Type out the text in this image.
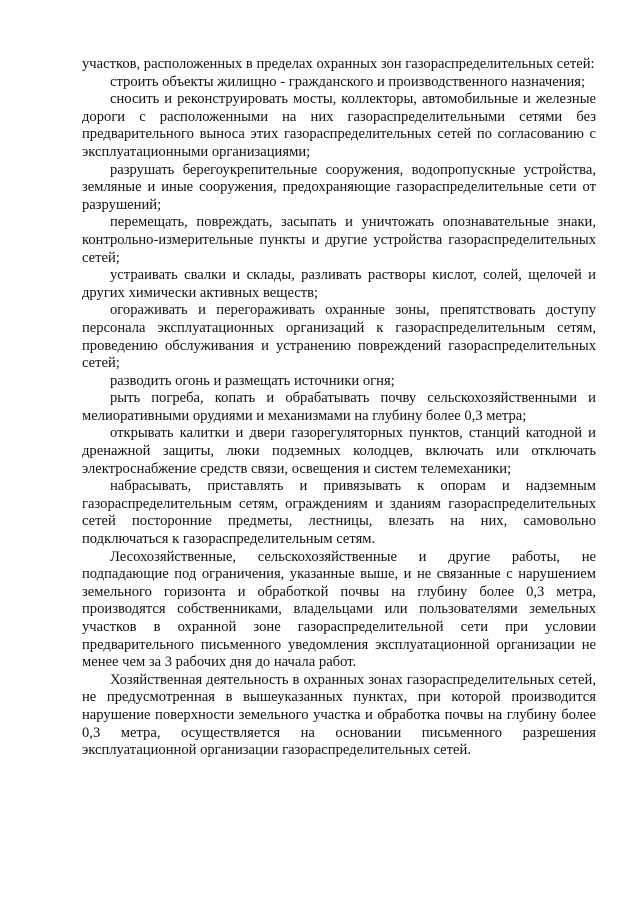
участков, расположенных в пределах охранных зон газораспределительных сетей:

строить объекты жилищно - гражданского и производственного назначения;

сносить и реконструировать мосты, коллекторы, автомобильные и железные дороги с расположенными на них газораспределительными сетями без предварительного выноса этих газораспределительных сетей по согласованию с эксплуатационными организациями;

разрушать берегоукрепительные сооружения, водопропускные устройства, земляные и иные сооружения, предохраняющие газораспределительные сети от разрушений;

перемещать, повреждать, засыпать и уничтожать опознавательные знаки, контрольно-измерительные пункты и другие устройства газораспределительных сетей;

устраивать свалки и склады, разливать растворы кислот, солей, щелочей и других химически активных веществ;

огораживать и перегораживать охранные зоны, препятствовать доступу персонала эксплуатационных организаций к газораспределительным сетям, проведению обслуживания и устранению повреждений газораспределительных сетей;

разводить огонь и размещать источники огня;

рыть погреба, копать и обрабатывать почву сельскохозяйственными и мелиоративными орудиями и механизмами на глубину более 0,3 метра;

открывать калитки и двери газорегуляторных пунктов, станций катодной и дренажной защиты, люки подземных колодцев, включать или отключать электроснабжение средств связи, освещения и систем телемеханики;

набрасывать, приставлять и привязывать к опорам и надземным газораспределительным сетям, ограждениям и зданиям газораспределительных сетей посторонние предметы, лестницы, влезать на них, самовольно подключаться к газораспределительным сетям.

Лесохозяйственные, сельскохозяйственные и другие работы, не подпадающие под ограничения, указанные выше, и не связанные с нарушением земельного горизонта и обработкой почвы на глубину более 0,3 метра, производятся собственниками, владельцами или пользователями земельных участков в охранной зоне газораспределительной сети при условии предварительного письменного уведомления эксплуатационной организации не менее чем за 3 рабочих дня до начала работ.

Хозяйственная деятельность в охранных зонах газораспределительных сетей, не предусмотренная в вышеуказанных пунктах, при которой производится нарушение поверхности земельного участка и обработка почвы на глубину более 0,3 метра, осуществляется на основании письменного разрешения эксплуатационной организации газораспределительных сетей.
